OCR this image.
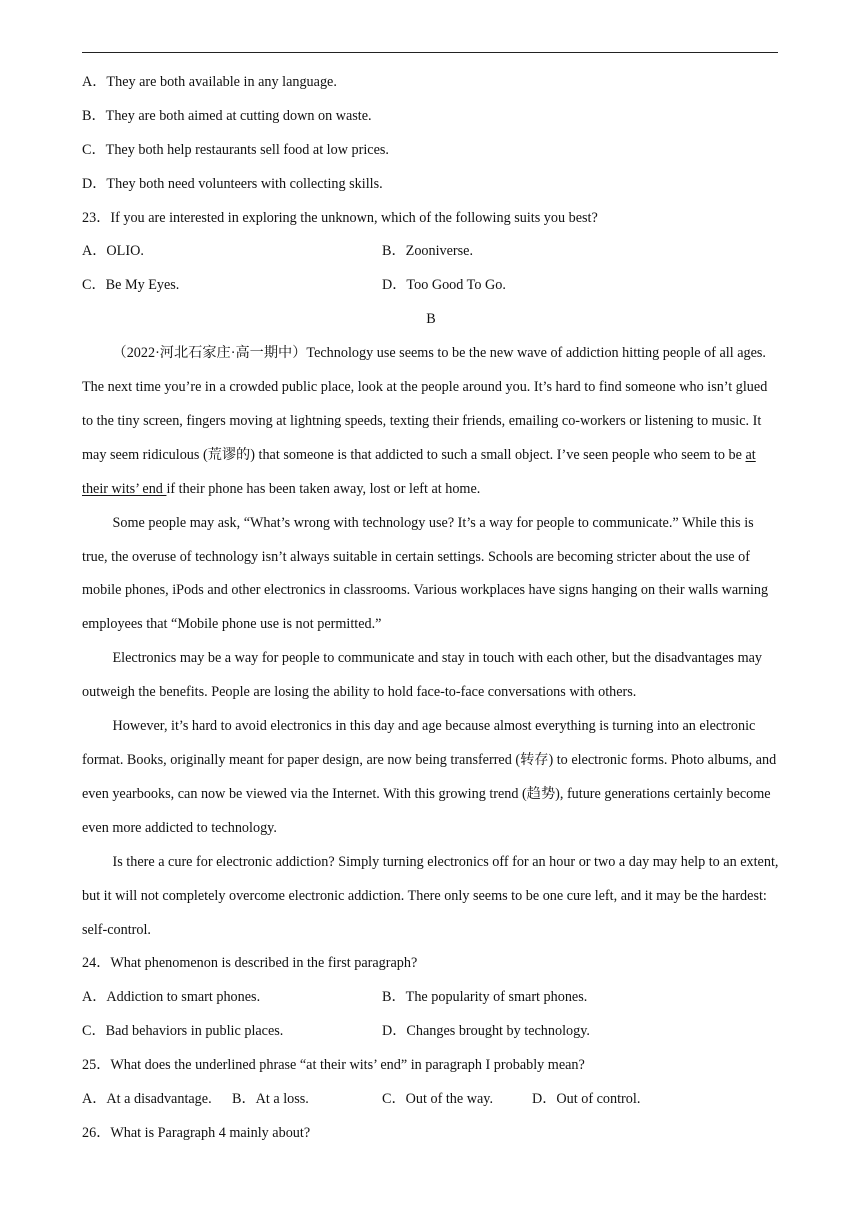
A．They are both available in any language.
B．They are both aimed at cutting down on waste.
C．They both help restaurants sell food at low prices.
D．They both need volunteers with collecting skills.
23．If you are interested in exploring the unknown, which of the following suits you best?
A．OLIO.	B．Zooniverse.
C．Be My Eyes.	D．Too Good To Go.
B
（2022·河北石家庄·高一期中）Technology use seems to be the new wave of addiction hitting people of all ages. The next time you’re in a crowded public place, look at the people around you. It’s hard to find someone who isn’t glued to the tiny screen, fingers moving at lightning speeds, texting their friends, emailing co-workers or listening to music. It may seem ridiculous (荒谬的) that someone is that addicted to such a small object. I’ve seen people who seem to be at their wits’ end if their phone has been taken away, lost or left at home.
Some people may ask, “What’s wrong with technology use? It’s a way for people to communicate.” While this is true, the overuse of technology isn’t always suitable in certain settings. Schools are becoming stricter about the use of mobile phones, iPods and other electronics in classrooms. Various workplaces have signs hanging on their walls warning employees that “Mobile phone use is not permitted.”
Electronics may be a way for people to communicate and stay in touch with each other, but the disadvantages may outweigh the benefits. People are losing the ability to hold face-to-face conversations with others.
However, it’s hard to avoid electronics in this day and age because almost everything is turning into an electronic format. Books, originally meant for paper design, are now being transferred (转存) to electronic forms. Photo albums, and even yearbooks, can now be viewed via the Internet. With this growing trend (趋势), future generations certainly become even more addicted to technology.
Is there a cure for electronic addiction? Simply turning electronics off for an hour or two a day may help to an extent, but it will not completely overcome electronic addiction. There only seems to be one cure left, and it may be the hardest: self-control.
24．What phenomenon is described in the first paragraph?
A．Addiction to smart phones.	B．The popularity of smart phones.
C．Bad behaviors in public places.	D．Changes brought by technology.
25．What does the underlined phrase “at their wits’ end” in paragraph I probably mean?
A．At a disadvantage. B．At a loss.	C．Out of the way.	D．Out of control.
26．What is Paragraph 4 mainly about?
